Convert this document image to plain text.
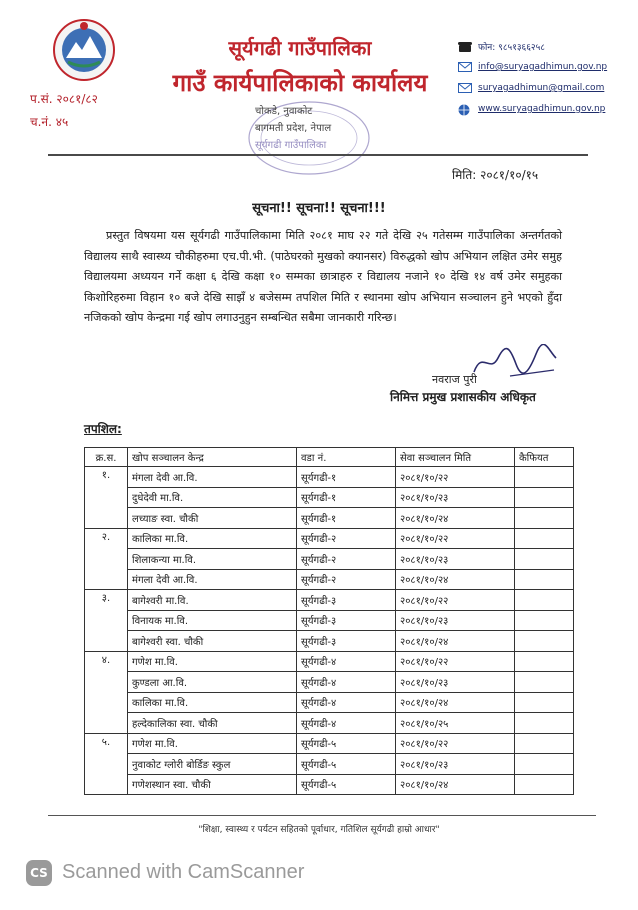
प.सं. २०८१/८२
च.नं. ४५
सूर्यगढी गाउँपालिका
गाउँ कार्यपालिकाको कार्यालय
चोकडे, नुवाकोट
बागमती प्रदेश, नेपाल
सूर्यगढी गाउँपालिका
फोन: ९८५१३६६२५८
info@suryagadhimun.gov.np
suryagadhimun@gmail.com
www.suryagadhimun.gov.np
मिति: २०८१/१०/१५
सूचना!! सूचना!! सूचना!!!

प्रस्तुत विषयमा यस सूर्यगढी गाउँपालिकामा मिति २०८१ माघ २२ गते देखि २५ गतेसम्म गाउँपालिका अन्तर्गतको विद्यालय साथै स्वास्थ्य चौकीहरुमा एच.पी.भी. (पाठेघरको मुखको क्यानसर) विरुद्धको खोप अभियान लक्षित उमेर समुह विद्यालयमा अध्ययन गर्ने कक्षा ६ देखि कक्षा १० सम्मका छात्राहरु र विद्यालय नजाने १० देखि १४ वर्ष उमेर समुहका किशोरिहरुमा विहान १० बजे देखि साझँ ४ बजेसम्म तपशिल मिति र स्थानमा खोप अभियान सञ्चालन हुने भएको हुँदा नजिकको खोप केन्द्रमा गई खोप लगाउनुहुन सम्बन्धित सबैमा जानकारी गरिन्छ।

नवराज पुरी
निमित्त प्रमुख प्रशासकीय अधिकृत
तपशिल:
क्र.स.	खोप सञ्चालन केन्द्र	वडा नं.	सेवा सञ्चालन मिति	कैफियत
१.	मंगला देवी आ.वि.	सूर्यगढी-१	२०८१/१०/२२	
	दुधेदेवी मा.वि.	सूर्यगढी-१	२०८१/१०/२३	
	लच्याङ स्वा. चौकी	सूर्यगढी-१	२०८१/१०/२४	
२.	कालिका मा.वि.	सूर्यगढी-२	२०८१/१०/२२	
	शिलाकन्या मा.वि.	सूर्यगढी-२	२०८१/१०/२३	
	मंगला देवी आ.वि.	सूर्यगढी-२	२०८१/१०/२४	
३.	बागेश्वरी मा.वि.	सूर्यगढी-३	२०८१/१०/२२	
	विनायक मा.वि.	सूर्यगढी-३	२०८१/१०/२३	
	बागेश्वरी स्वा. चौकी	सूर्यगढी-३	२०८१/१०/२४	
४.	गणेश मा.वि.	सूर्यगढी-४	२०८१/१०/२२	
	कुण्डला आ.वि.	सूर्यगढी-४	२०८१/१०/२३	
	कालिका मा.वि.	सूर्यगढी-४	२०८१/१०/२४	
	हल्देकालिका स्वा. चौकी	सूर्यगढी-४	२०८१/१०/२५	
५.	गणेश मा.वि.	सूर्यगढी-५	२०८१/१०/२२	
	नुवाकोट ग्लोरी बोर्डिङ स्कुल	सूर्यगढी-५	२०८१/१०/२३	
	गणेशस्थान स्वा. चौकी	सूर्यगढी-५	२०८१/१०/२४	
"शिक्षा, स्वास्थ्य र पर्यटन सहितको पूर्वाधार, गतिशिल सूर्यगढी हाम्रो आधार"
CS Scanned with CamScanner
